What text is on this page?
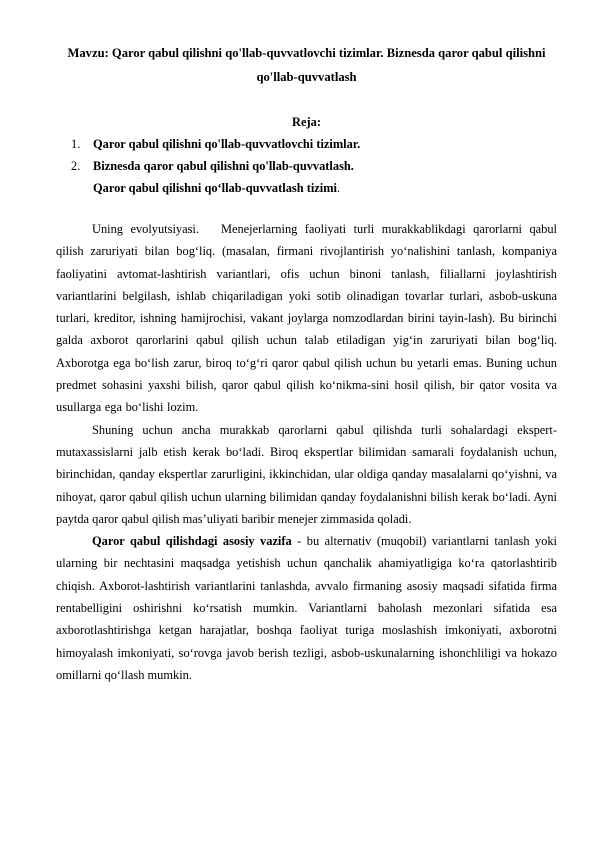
Mavzu: Qaror qabul qilishni qo'llab-quvvatlovchi tizimlar. Biznesda qaror qabul qilishni qo'llab-quvvatlash
Reja:
1. Qaror qabul qilishni qo'llab-quvvatlovchi tizimlar.
2. Biznesda qaror qabul qilishni qo'llab-quvvatlash.
Qaror qabul qilishni qo‘llab-quvvatlash tizimi.

Uning evolyutsiyasi. Menejerlarning faoliyati turli murakkablikdagi qarorlarni qabul qilish zaruriyati bilan bog‘liq. (masalan, firmani rivojlantirish yo‘nalishini tanlash, kompaniya faoliyatini avtomat-lashtirish variantlari, ofis uchun binoni tanlash, filiallarni joylashtirish variantlarini belgilash, ishlab chiqariladigan yoki sotib olinadigan tovarlar turlari, asbob-uskuna turlari, kreditor, ishning hamijrochisi, vakant joylarga nomzodlardan birini tayin-lash). Bu birinchi galda axborot qarorlarini qabul qilish uchun talab etiladigan yig‘in zaruriyati bilan bog‘liq. Axborotga ega bo‘lish zarur, biroq to‘g‘ri qaror qabul qilish uchun bu yetarli emas. Buning uchun predmet sohasini yaxshi bilish, qaror qabul qilish ko‘nikma-sini hosil qilish, bir qator vosita va usullarga ega bo‘lishi lozim.

Shuning uchun ancha murakkab qarorlarni qabul qilishda turli sohalardagi ekspert-mutaxassislarni jalb etish kerak bo‘ladi. Biroq ekspertlar bilimidan samarali foydalanish uchun, birinchidan, qanday ekspertlar zarurligini, ikkinchidan, ular oldiga qanday masalalarni qo‘yishni, va nihoyat, qaror qabul qilish uchun ularning bilimidan qanday foydalanishni bilish kerak bo‘ladi. Ayni paytda qaror qabul qilish mas’uliyati baribir menejer zimmasida qoladi.

Qaror qabul qilishdagi asosiy vazifa - bu alternativ (muqobil) variantlarni tanlash yoki ularning bir nechtasini maqsadga yetishish uchun qanchalik ahamiyatligiga ko‘ra qatorlashtirib chiqish. Axborot-lashtirish variantlarini tanlashda, avvalo firmaning asosiy maqsadi sifatida firma rentabelligini oshirishni ko‘rsatish mumkin. Variantlarni baholash mezonlari sifatida esa axborotlashtirishga ketgan harajatlar, boshqa faoliyat turiga moslashish imkoniyati, axborotni himoyalash imkoniyati, so‘rovga javob berish tezligi, asbob-uskunalarning ishonchliligi va hokazo omillarni qo‘llash mumkin.
